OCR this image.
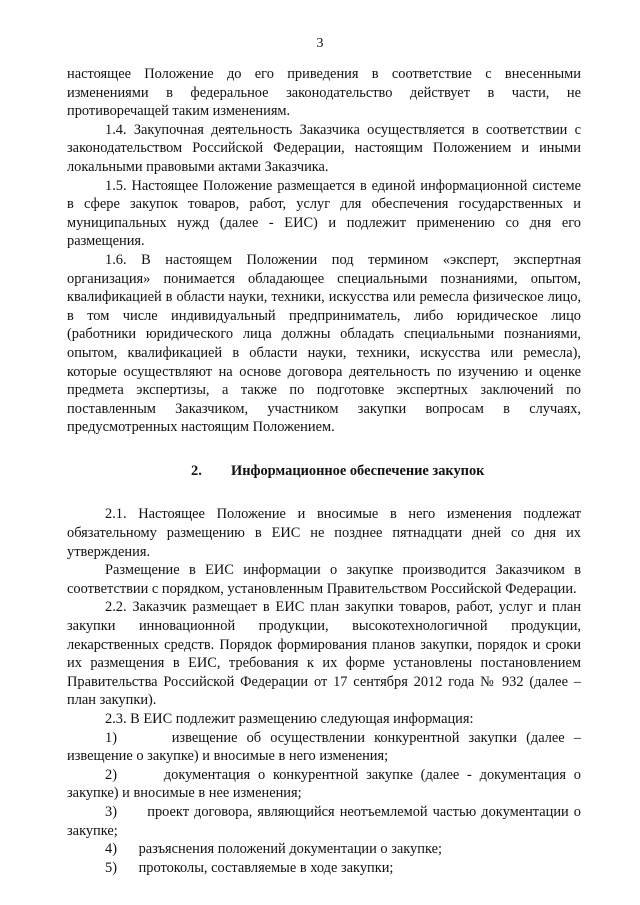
3

настоящее Положение до его приведения в соответствие с внесенными изменениями в федеральное законодательство действует в части, не противоречащей таким изменениям.

1.4. Закупочная деятельность Заказчика осуществляется в соответствии с законодательством Российской Федерации, настоящим Положением и иными локальными правовыми актами Заказчика.

1.5. Настоящее Положение размещается в единой информационной системе в сфере закупок товаров, работ, услуг для обеспечения государственных и муниципальных нужд (далее - ЕИС) и подлежит применению со дня его размещения.

1.6. В настоящем Положении под термином «эксперт, экспертная организация» понимается обладающее специальными познаниями, опытом, квалификацией в области науки, техники, искусства или ремесла физическое лицо, в том числе индивидуальный предприниматель, либо юридическое лицо (работники юридического лица должны обладать специальными познаниями, опытом, квалификацией в области науки, техники, искусства или ремесла), которые осуществляют на основе договора деятельность по изучению и оценке предмета экспертизы, а также по подготовке экспертных заключений по поставленным Заказчиком, участником закупки вопросам в случаях, предусмотренных настоящим Положением.

2.	Информационное обеспечение закупок

2.1. Настоящее Положение и вносимые в него изменения подлежат обязательному размещению в ЕИС не позднее пятнадцати дней со дня их утверждения.

Размещение в ЕИС информации о закупке производится Заказчиком в соответствии с порядком, установленным Правительством Российской Федерации.

2.2. Заказчик размещает в ЕИС план закупки товаров, работ, услуг и план закупки инновационной продукции, высокотехнологичной продукции, лекарственных средств. Порядок формирования планов закупки, порядок и сроки их размещения в ЕИС, требования к их форме установлены постановлением Правительства Российской Федерации от 17 сентября 2012 года № 932 (далее – план закупки).

2.3. В ЕИС подлежит размещению следующая информация:

1)	извещение об осуществлении конкурентной закупки (далее – извещение о закупке) и вносимые в него изменения;

2)	документация о конкурентной закупке (далее - документация о закупке) и вносимые в нее изменения;

3) проект договора, являющийся неотъемлемой частью документации о закупке;

4) разъяснения положений документации о закупке;

5) протоколы, составляемые в ходе закупки;
